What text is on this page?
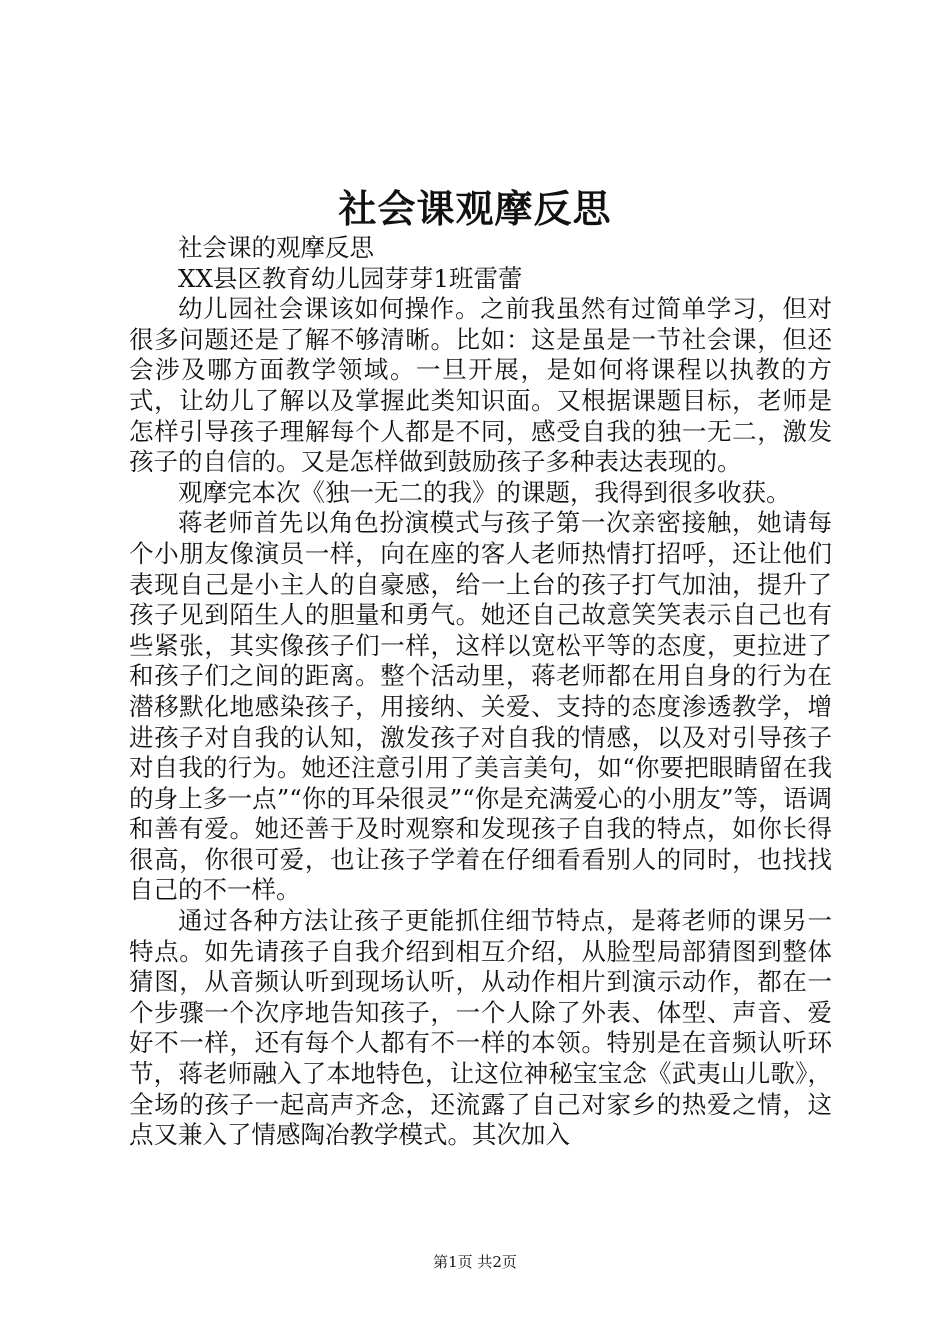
社会课观摩反思

社会课的观摩反思

XX县区教育幼儿园芽芽1班雷蕾

幼儿园社会课该如何操作。之前我虽然有过简单学习，但对很多问题还是了解不够清晰。比如：这是虽是一节社会课，但还会涉及哪方面教学领域。一旦开展，是如何将课程以执教的方式，让幼儿了解以及掌握此类知识面。又根据课题目标，老师是怎样引导孩子理解每个人都是不同，感受自我的独一无二，激发孩子的自信的。又是怎样做到鼓励孩子多种表达表现的。

观摩完本次《独一无二的我》的课题，我得到很多收获。

蒋老师首先以角色扮演模式与孩子第一次亲密接触，她请每个小朋友像演员一样，向在座的客人老师热情打招呼，还让他们表现自己是小主人的自豪感，给一上台的孩子打气加油，提升了孩子见到陌生人的胆量和勇气。她还自己故意笑笑表示自己也有些紧张，其实像孩子们一样，这样以宽松平等的态度，更拉进了和孩子们之间的距离。整个活动里，蒋老师都在用自身的行为在潜移默化地感染孩子，用接纳、关爱、支持的态度渗透教学，增进孩子对自我的认知，激发孩子对自我的情感，以及对引导孩子对自我的行为。她还注意引用了美言美句，如“你要把眼睛留在我的身上多一点”“你的耳朵很灵”“你是充满爱心的小朋友”等，语调和善有爱。她还善于及时观察和发现孩子自我的特点，如你长得很高，你很可爱，也让孩子学着在仔细看看别人的同时，也找找自己的不一样。

通过各种方法让孩子更能抓住细节特点，是蒋老师的课另一特点。如先请孩子自我介绍到相互介绍，从脸型局部猜图到整体猜图，从音频认听到现场认听，从动作相片到演示动作，都在一个步骤一个次序地告知孩子，一个人除了外表、体型、声音、爱好不一样，还有每个人都有不一样的本领。特别是在音频认听环节，蒋老师融入了本地特色，让这位神秘宝宝念《武夷山儿歌》，全场的孩子一起高声齐念，还流露了自己对家乡的热爱之情，这点又兼入了情感陶冶教学模式。其次加入

第1页 共2页
